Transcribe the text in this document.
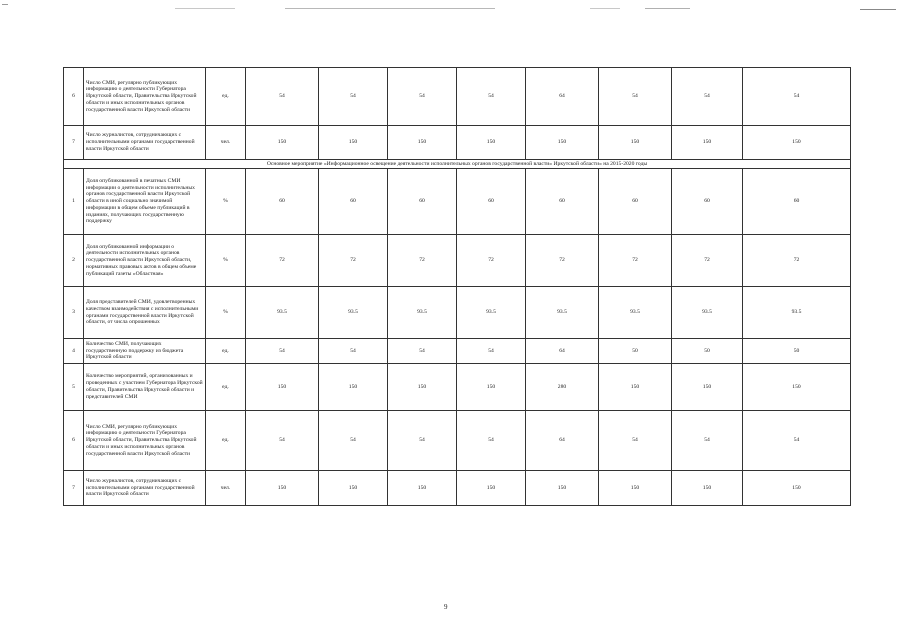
6	Число СМИ, регулярно публикующих информацию о деятельности Губернатора Иркутской области, Правительства Иркутской области и иных исполнительных органов государственной власти Иркутской области	ед.	54	54	54	54	64	54	54	54
7	Число журналистов, сотрудничающих с исполнительными органами государственной власти Иркутской области	чел.	150	150	150	150	150	150	150	150
Основное мероприятие «Информационное освещение деятельности исполнительных органов государственной власти» Иркутской области» на 2015-2020 годы										
1	Доля опубликованной в печатных СМИ информации о деятельности исполнительных органов государственной власти Иркутской области в иной социально значимой информации в общем объеме публикаций в изданиях, получающих государственную поддержку	%	60	60	60	60	60	60	60	60
2	Доля опубликованной информации о деятельности исполнительных органов государственной власти Иркутской области, нормативных правовых актов в общем объеме публикаций газеты «Областная»	%	72	72	72	72	72	72	72	72
3	Доля представителей СМИ, удовлетворенных качеством взаимодействия с исполнительными органами государственной власти Иркутской области, от числа опрошенных	%	93.5	93.5	93.5	93.5	93.5	93.5	93.5	93.5
4	Количество СМИ, получающих государственную поддержку из бюджета Иркутской области	ед.	54	54	54	54	64	50	50	50
5	Количество мероприятий, организованных и проведенных с участием Губернатора Иркутской области, Правительства Иркутской области и представителей СМИ	ед.	150	150	150	150	280	150	150	150
6	Число СМИ, регулярно публикующих информацию о деятельности Губернатора Иркутской области, Правительства Иркутской области и иных исполнительных органов государственной власти Иркутской области	ед.	54	54	54	54	64	54	54	54
7	Число журналистов, сотрудничающих с исполнительными органами государственной власти Иркутской области	чел.	150	150	150	150	150	150	150	150
9
